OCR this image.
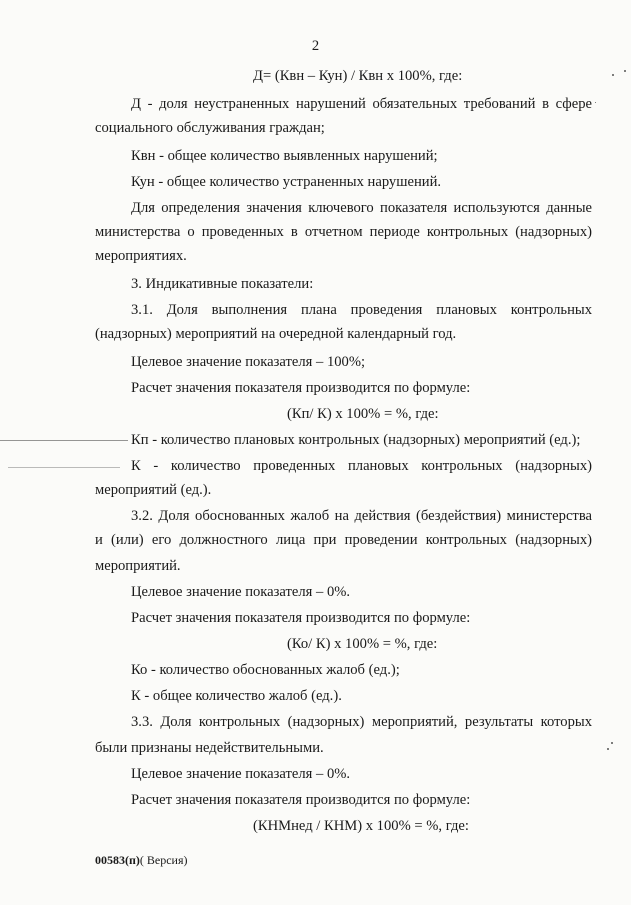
2
Д= (Квн – Кун) / Квн х 100%, где:
Д - доля неустраненных нарушений обязательных требований в сфере
социального обслуживания граждан;
Квн - общее количество выявленных нарушений;
Кун - общее количество устраненных нарушений.
Для определения значения ключевого показателя используются данные
министерства о проведенных в отчетном периоде контрольных (надзорных)
мероприятиях.
3. Индикативные показатели:
3.1. Доля выполнения плана проведения плановых контрольных
(надзорных) мероприятий на очередной календарный год.
Целевое значение показателя – 100%;
Расчет значения показателя производится по формуле:
(Кп/ К) х 100% = %, где:
Кп - количество плановых контрольных (надзорных) мероприятий (ед.);
К - количество проведенных плановых контрольных (надзорных)
мероприятий (ед.).
3.2. Доля обоснованных жалоб на действия (бездействия) министерства
и (или) его должностного лица при проведении контрольных (надзорных)
мероприятий.
Целевое значение показателя – 0%.
Расчет значения показателя производится по формуле:
(Ко/ К) х 100% = %, где:
Ко - количество обоснованных жалоб (ед.);
К - общее количество жалоб (ед.).
3.3. Доля контрольных (надзорных) мероприятий, результаты которых
были признаны недействительными.
Целевое значение показателя – 0%.
Расчет значения показателя производится по формуле:
(КНМнед / КНМ) х 100% = %, где:
00583(п)( Версия)
